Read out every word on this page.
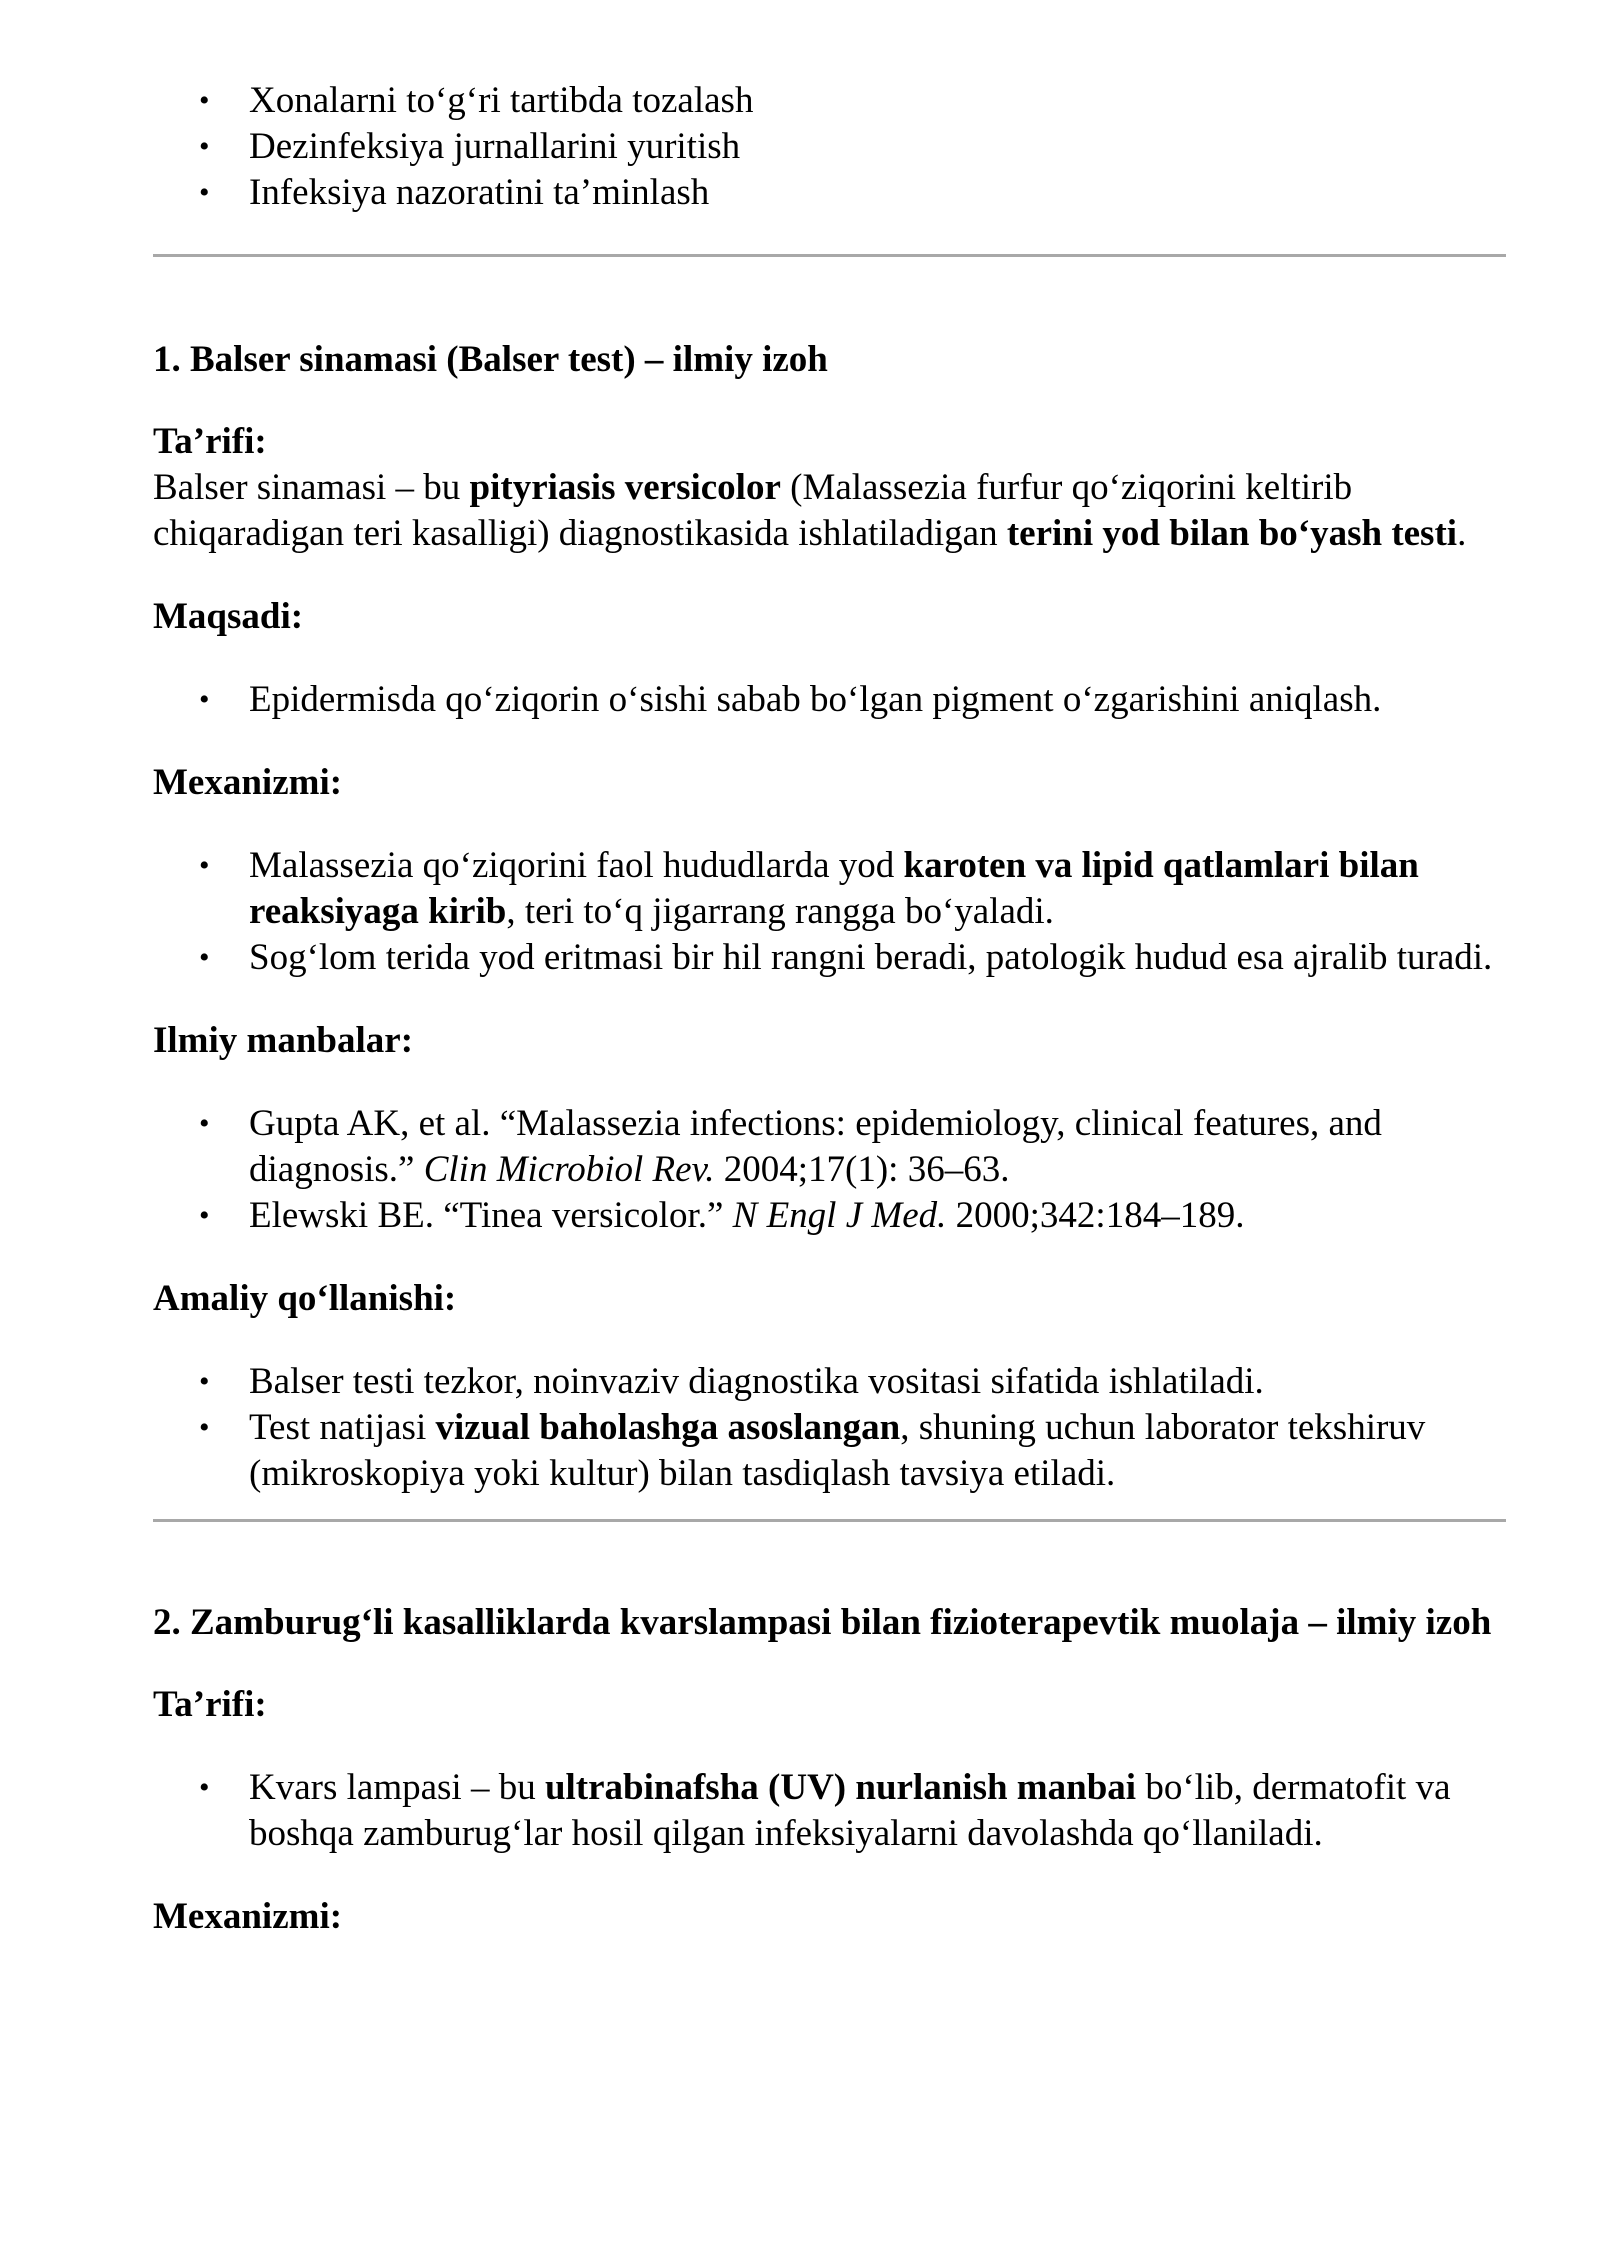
• Xonalarni to‘g‘ri tartibda tozalash
• Dezinfeksiya jurnallarini yuritish
• Infeksiya nazoratini ta’minlash
1. Balser sinamasi (Balser test) – ilmiy izoh

Ta’rifi:

Balser sinamasi – bu pityriasis versicolor (Malassezia furfur qo‘ziqorini keltirib chiqaradigan teri kasalligi) diagnostikasida ishlatiladigan terini yod bilan bo‘yash testi.

Maqsadi:

• Epidermisda qo‘ziqorin o‘sishi sabab bo‘lgan pigment o‘zgarishini aniqlash.

Mexanizmi:

• Malassezia qo‘ziqorini faol hududlarda yod karoten va lipid qatlamlari bilan reaksiyaga kirib, teri to‘q jigarrang rangga bo‘yaladi.
• Sog‘lom terida yod eritmasi bir hil rangni beradi, patologik hudud esa ajralib turadi.

Ilmiy manbalar:

• Gupta AK, et al. “Malassezia infections: epidemiology, clinical features, and diagnosis.” Clin Microbiol Rev. 2004;17(1): 36–63.
• Elewski BE. “Tinea versicolor.” N Engl J Med. 2000;342:184–189.

Amaliy qo‘llanishi:

• Balser testi tezkor, noinvaziv diagnostika vositasi sifatida ishlatiladi.
• Test natijasi vizual baholashga asoslangan, shuning uchun laborator tekshiruv (mikroskopiya yoki kultur) bilan tasdiqlash tavsiya etiladi.
2. Zamburug‘li kasalliklarda kvarslampasi bilan fizioterapevtik muolaja – ilmiy izoh

Ta’rifi:

• Kvars lampasi – bu ultrabinafsha (UV) nurlanish manbai bo‘lib, dermatofit va boshqa zamburug‘lar hosil qilgan infeksiyalarni davolashda qo‘llaniladi.

Mexanizmi:
